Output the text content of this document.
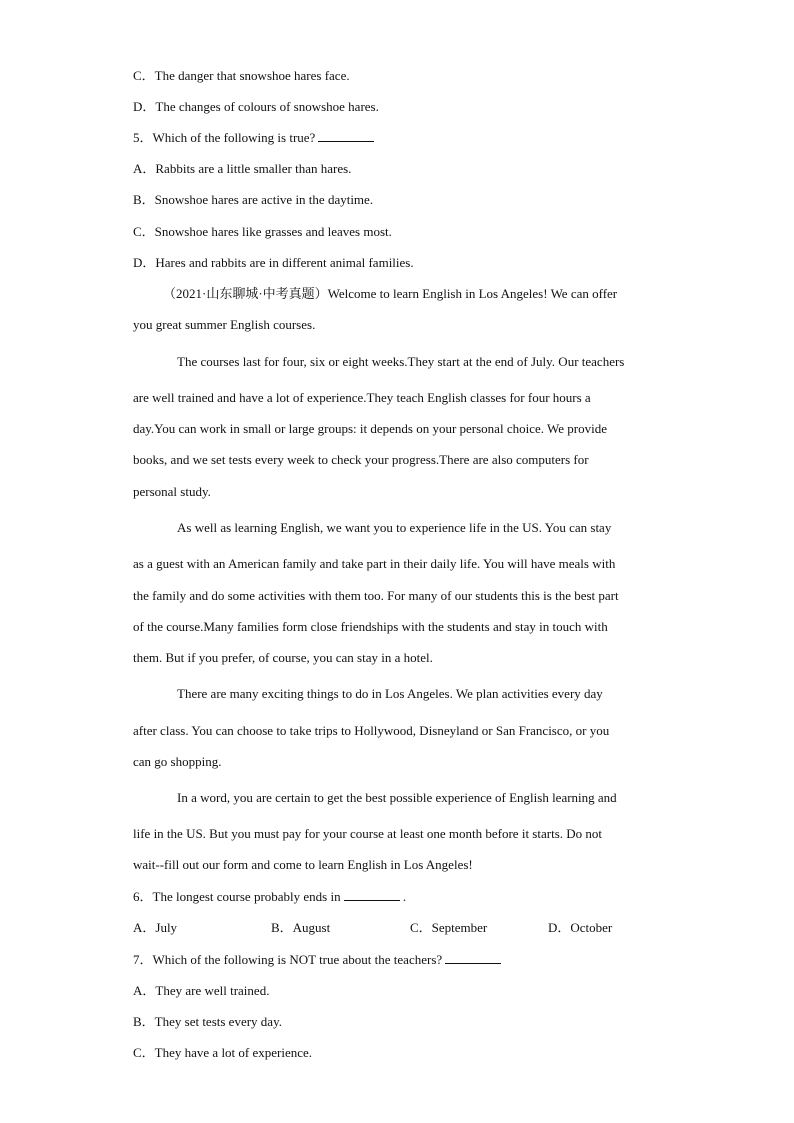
C．The danger that snowshoe hares face.
D．The changes of colours of snowshoe hares.
5．Which of the following is true?
A．Rabbits are a little smaller than hares.
B．Snowshoe hares are active in the daytime.
C．Snowshoe hares like grasses and leaves most.
D．Hares and rabbits are in different animal families.
（2021·山东聊城·中考真题）Welcome to learn English in Los Angeles! We can offer
you great summer English courses.
The courses last for four, six or eight weeks.They start at the end of July. Our teachers
are well trained and have a lot of experience.They teach English classes for four hours a
day.You can work in small or large groups: it depends on your personal choice. We provide
books, and we set tests every week to check your progress.There are also computers for
personal study.
As well as learning English, we want you to experience life in the US. You can stay
as a guest with an American family and take part in their daily life. You will have meals with
the family and do some activities with them too. For many of our students this is the best part
of the course.Many families form close friendships with the students and stay in touch with
them. But if you prefer, of course, you can stay in a hotel.
There are many exciting things to do in Los Angeles. We plan activities every day
after class. You can choose to take trips to Hollywood, Disneyland or San Francisco, or you
can go shopping.
In a word, you are certain to get the best possible experience of English learning and
life in the US. But you must pay for your course at least one month before it starts. Do not
wait--fill out our form and come to learn English in Los Angeles!
6．The longest course probably ends in	.
A．July	B．August	C．September	D．October
7．Which of the following is NOT true about the teachers?
A．They are well trained.
B．They set tests every day.
C．They have a lot of experience.
